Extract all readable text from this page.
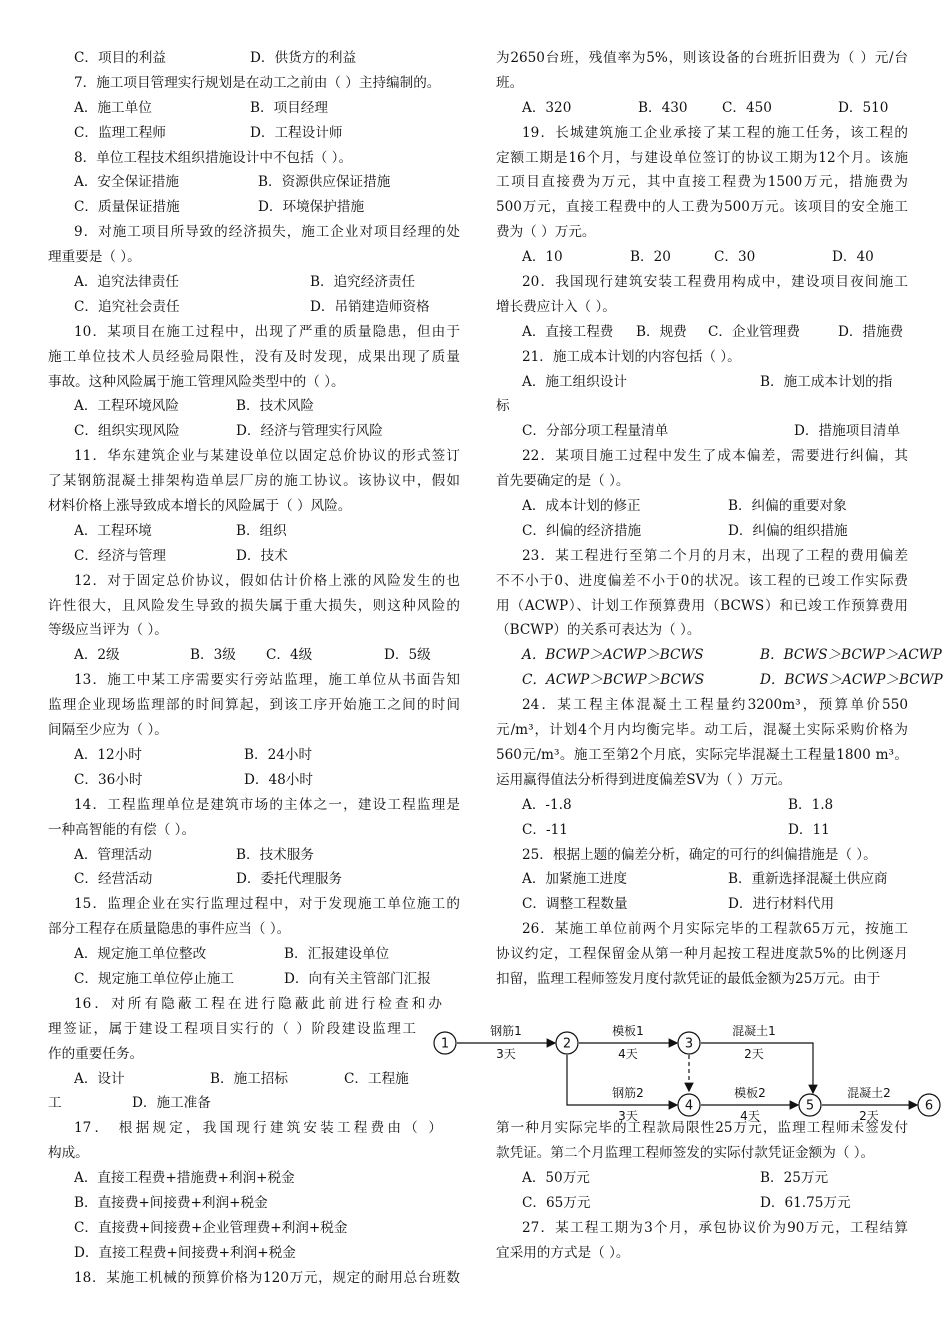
C．项目的利益	D．供货方的利益
7．施工项目管理实行规划是在动工之前由（ ）主持编制的。
A．施工单位	B．项目经理
C．监理工程师	D．工程设计师
8．单位工程技术组织措施设计中不包括（ ）。
A．安全保证措施	B．资源供应保证措施
C．质量保证措施	D．环境保护措施
9．对施工项目所导致的经济损失，施工企业对项目经理的处
理重要是（ ）。
A．追究法律责任	B．追究经济责任
C．追究社会责任	D．吊销建造师资格
10．某项目在施工过程中，出现了严重的质量隐患，但由于
施工单位技术人员经验局限性，没有及时发现，成果出现了质量
事故。这种风险属于施工管理风险类型中的（ ）。
A．工程环境风险	B．技术风险
C．组织实现风险	D．经济与管理实行风险
11．华东建筑企业与某建设单位以固定总价协议的形式签订
了某钢筋混凝土排架构造单层厂房的施工协议。该协议中，假如
材料价格上涨导致成本增长的风险属于（ ）风险。
A．工程环境	B．组织
C．经济与管理	D．技术
12．对于固定总价协议，假如估计价格上涨的风险发生的也
许性很大，且风险发生导致的损失属于重大损失，则这种风险的
等级应当评为（ ）。
A．2级	B．3级 C．4级	D．5级
13．施工中某工序需要实行旁站监理，施工单位从书面告知
监理企业现场监理部的时间算起，到该工序开始施工之间的时间
间隔至少应为（ ）。
A．12小时	B．24小时
C．36小时	D．48小时
14．工程监理单位是建筑市场的主体之一，建设工程监理是
一种高智能的有偿（ ）。
A．管理活动	B．技术服务
C．经营活动	D．委托代理服务
15．监理企业在实行监理过程中，对于发现施工单位施工的
部分工程存在质量隐患的事件应当（ ）。
A．规定施工单位整改	B．汇报建设单位
C．规定施工单位停止施工	D．向有关主管部门汇报
16．对所有隐蔽工程在进行隐蔽此前进行检查和办
理签证，属于建设工程项目实行的（ ）阶段建设监理工
作的重要任务。
A．设计	B．施工招标	C．工程施
工	D．施工准备
17． 根据规定，我国现行建筑安装工程费由（ ）
构成。
A．直接工程费+措施费+利润+税金
B．直接费+间接费+利润+税金
C．直接费+间接费+企业管理费+利润+税金
D．直接工程费+间接费+利润+税金
18．某施工机械的预算价格为120万元，规定的耐用总台班数
为2650台班，残值率为5%，则该设备的台班折旧费为（ ）元/台
班。
A．320	B．430	C．450	D．510
19．长城建筑施工企业承接了某工程的施工任务，该工程的
定额工期是16个月，与建设单位签订的协议工期为12个月。该施
工项目直接费为万元，其中直接工程费为1500万元，措施费为
500万元，直接工程费中的人工费为500万元。该项目的安全施工
费为（ ）万元。
A．10	B．20	C．30	D．40
20．我国现行建筑安装工程费用构成中，建设项目夜间施工
增长费应计入（ ）。
A．直接工程费 B．规费 C．企业管理费	D．措施费
21．施工成本计划的内容包括（ ）。
A．施工组织设计	B．施工成本计划的指
标
C．分部分项工程量清单	D．措施项目清单
22．某项目施工过程中发生了成本偏差，需要进行纠偏，其
首先要确定的是（ ）。
A．成本计划的修正	B．纠偏的重要对象
C．纠偏的经济措施	D．纠偏的组织措施
23．某工程进行至第二个月的月末，出现了工程的费用偏差
不不小于0、进度偏差不小于0的状况。该工程的已竣工作实际费
用（ACWP）、计划工作预算费用（BCWS）和已竣工作预算费用
（BCWP）的关系可表达为（ ）。
A．BCWP＞ACWP＞BCWS	B．BCWS＞BCWP＞ACWP
C．ACWP＞BCWP＞BCWS	D．BCWS＞ACWP＞BCWP
24．某工程主体混凝土工程量约3200m³，预算单价550
元/m³，计划4个月内均衡完毕。动工后，混凝土实际采购价格为
560元/m³。施工至第2个月底，实际完毕混凝土工程量1800 m³。
运用赢得值法分析得到进度偏差SV为（ ）万元。
A．-1.8	B．1.8
C．-11	D．11
25．根据上题的偏差分析，确定的可行的纠偏措施是（ ）。
A．加紧施工进度	B．重新选择混凝土供应商
C．调整工程数量	D．进行材料代用
26．某施工单位前两个月实际完毕的工程款65万元，按施工
协议约定，工程保留金从第一种月起按工程进度款5%的比例逐月
扣留，监理工程师签发月度付款凭证的最低金额为25万元。由于
第一种月实际完毕的工程款局限性25万元，监理工程师未签发付
款凭证。第二个月监理工程师签发的实际付款凭证金额为（ ）。
A．50万元	B．25万元
C．65万元	D．61.75万元
27．某工程工期为3个月，承包协议价为90万元，工程结算
宜采用的方式是（ ）。
1	2	3
4	5	6
钢筋1
3天
模板1
4天
混凝土1
2天
钢筋2
3天
模板2
4天
混凝土2
2天
